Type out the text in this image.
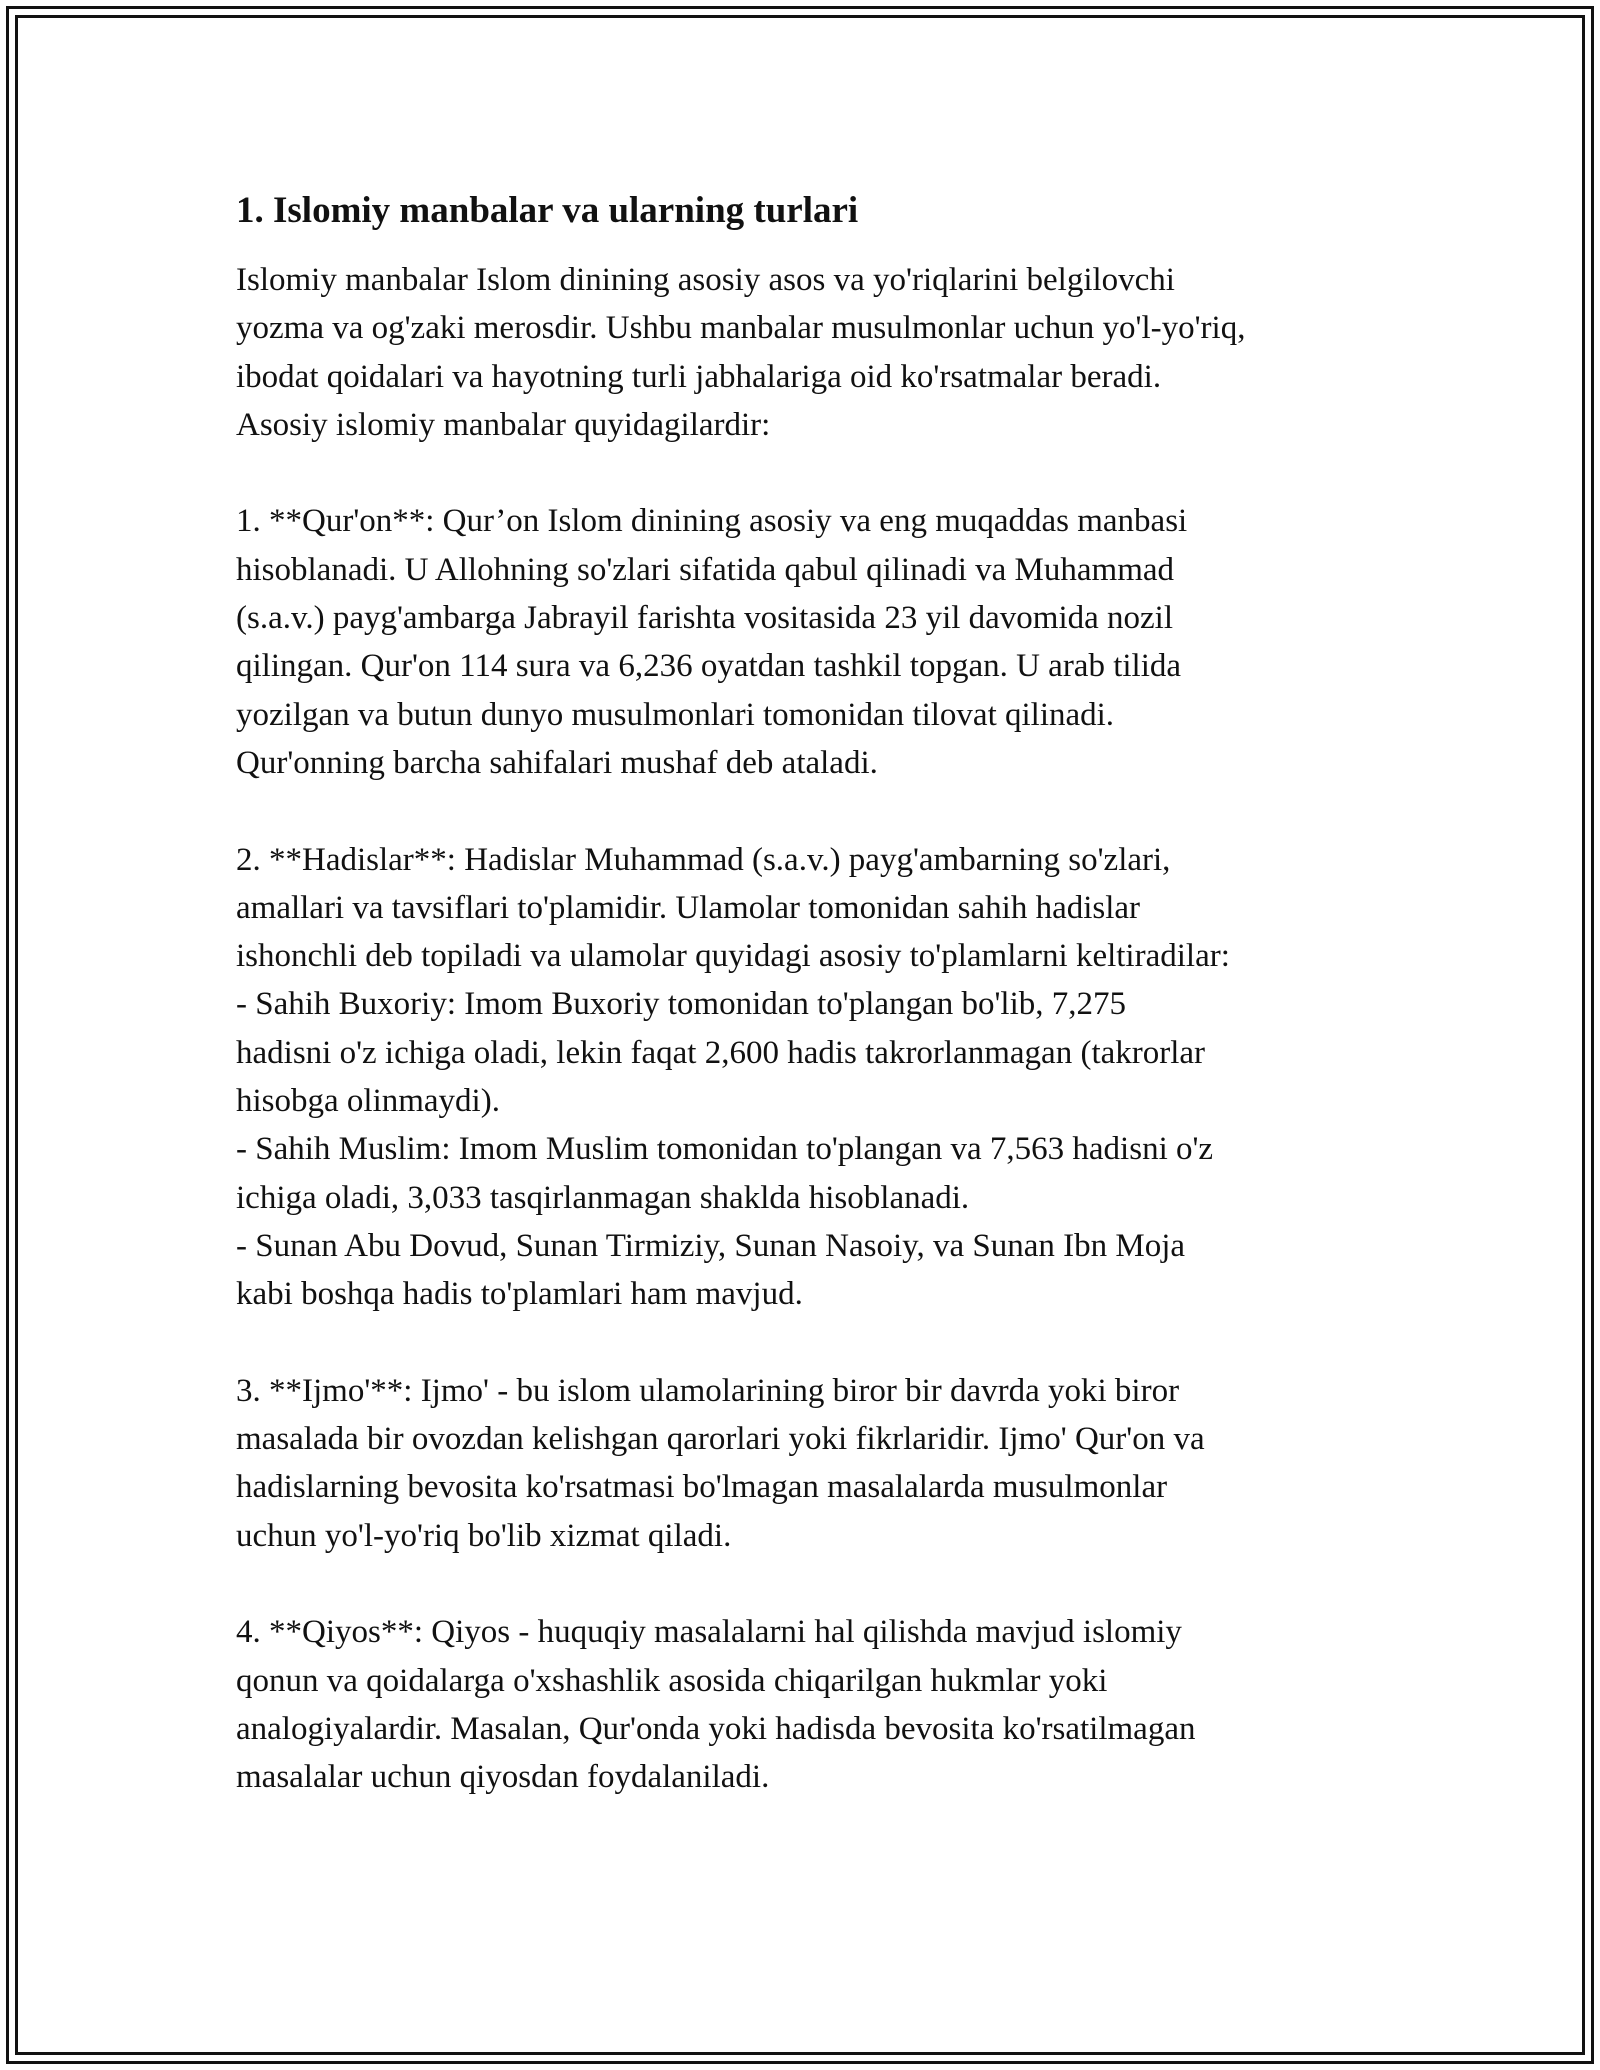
1. Islomiy manbalar va ularning turlari

Islomiy manbalar Islom dinining asosiy asos va yo'riqlarini belgilovchi
yozma va og'zaki merosdir. Ushbu manbalar musulmonlar uchun yo'l-yo'riq,
ibodat qoidalari va hayotning turli jabhalariga oid ko'rsatmalar beradi.
Asosiy islomiy manbalar quyidagilardir:

1. **Qur'on**: Qur’on Islom dinining asosiy va eng muqaddas manbasi
hisoblanadi. U Allohning so'zlari sifatida qabul qilinadi va Muhammad
(s.a.v.) payg'ambarga Jabrayil farishta vositasida 23 yil davomida nozil
qilingan. Qur'on 114 sura va 6,236 oyatdan tashkil topgan. U arab tilida
yozilgan va butun dunyo musulmonlari tomonidan tilovat qilinadi.
Qur'onning barcha sahifalari mushaf deb ataladi.

2. **Hadislar**: Hadislar Muhammad (s.a.v.) payg'ambarning so'zlari,
amallari va tavsiflari to'plamidir. Ulamolar tomonidan sahih hadislar
ishonchli deb topiladi va ulamolar quyidagi asosiy to'plamlarni keltiradilar:
- Sahih Buxoriy: Imom Buxoriy tomonidan to'plangan bo'lib, 7,275
hadisni o'z ichiga oladi, lekin faqat 2,600 hadis takrorlanmagan (takrorlar
hisobga olinmaydi).
- Sahih Muslim: Imom Muslim tomonidan to'plangan va 7,563 hadisni o'z
ichiga oladi, 3,033 tasqirlanmagan shakldа hisoblanadi.
- Sunan Abu Dovud, Sunan Tirmiziy, Sunan Nasoiy, va Sunan Ibn Moja
kabi boshqa hadis to'plamlari ham mavjud.

3. **Ijmo'**: Ijmo' - bu islom ulamolarining biror bir davrda yoki biror
masalada bir ovozdan kelishgan qarorlari yoki fikrlaridir. Ijmo' Qur'on va
hadislarning bevosita ko'rsatmasi bo'lmagan masalalarda musulmonlar
uchun yo'l-yo'riq bo'lib xizmat qiladi.

4. **Qiyos**: Qiyos - huquqiy masalalarni hal qilishda mavjud islomiy
qonun va qoidalarga o'xshashlik asosida chiqarilgan hukmlar yoki
analogiyalardir. Masalan, Qur'onda yoki hadisda bevosita ko'rsatilmagan
masalalar uchun qiyosdan foydalaniladi.
